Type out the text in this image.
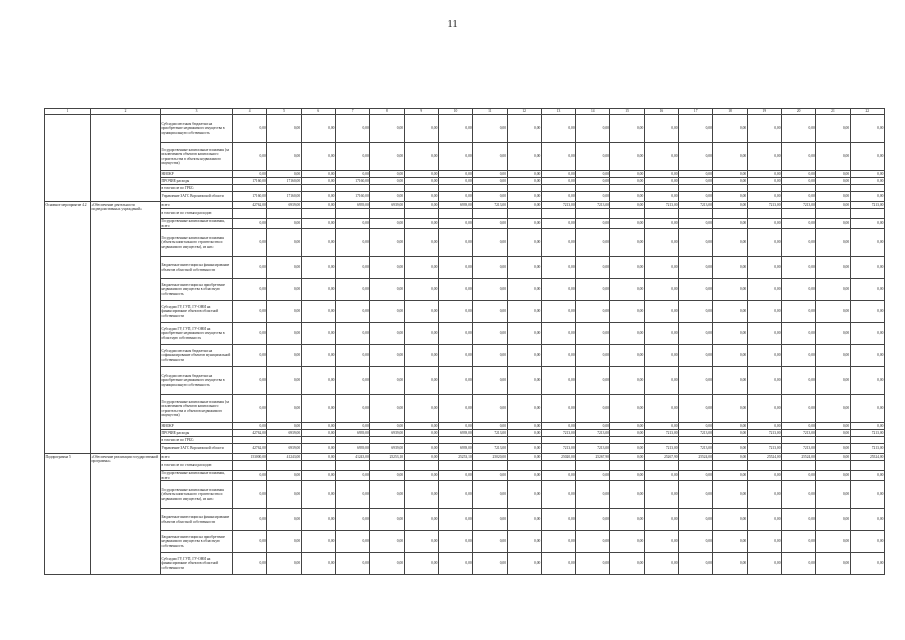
11
1	2	3	4	5	6	7	8	9	10	11	12	13	14	15	16	17	18	19	20	21	22
		Субсидии местным бюджетам на приобретение недвижимого имущества в муниципальную собственность	0,00	0,00	0,00	0,00	0,00	0,00	0,00	0,00	0,00	0,00	0,00	0,00	0,00	0,00	0,00	0,00	0,00	0,00	0,00
		Государственные капитальные вложения (за исключением объектов капитального строительства в объекты недвижимого имущества)	0,00	0,00	0,00	0,00	0,00	0,00	0,00	0,00	0,00	0,00	0,00	0,00	0,00	0,00	0,00	0,00	0,00	0,00	0,00
		НИОКР	0,00	0,00	0,00	0,00	0,00	0,00	0,00	0,00	0,00	0,00	0,00	0,00	0,00	0,00	0,00	0,00	0,00	0,00	0,00
		ПРОЧИЕ расходы	17160,00	17160,00	0,00	17160,00	0,00	0,00	0,00	0,00	0,00	0,00	0,00	0,00	0,00	0,00	0,00	0,00	0,00	0,00	0,00
		в том числе по ГРБС:																			
		Управление ЗАГС Воронежской области	17160,00	17160,00	0,00	17160,00	0,00	0,00	0,00	0,00	0,00	0,00	0,00	0,00	0,00	0,00	0,00	0,00	0,00	0,00	0,00
Основное мероприятие 4.2	«Обеспечение деятельности подведомственных учреждений»	всего	42762,00	6939,00	0,00	6939,00	6939,00	0,00	6939,00	7213,00	0,00	7213,00	7213,00	0,00	7213,00	7213,00	0,00	7213,00	7213,00	0,00	7213,00
		в том числе по статьям расходов:																			
		Государственные капитальные вложения, всего	0,00	0,00	0,00	0,00	0,00	0,00	0,00	0,00	0,00	0,00	0,00	0,00	0,00	0,00	0,00	0,00	0,00	0,00	0,00
		Государственные капитальные вложения (объекты капитального строительства и недвижимого имущества), из них:	0,00	0,00	0,00	0,00	0,00	0,00	0,00	0,00	0,00	0,00	0,00	0,00	0,00	0,00	0,00	0,00	0,00	0,00	0,00
		Бюджетные инвестиции на финансирование объектов областной собственности	0,00	0,00	0,00	0,00	0,00	0,00	0,00	0,00	0,00	0,00	0,00	0,00	0,00	0,00	0,00	0,00	0,00	0,00	0,00
		Бюджетные инвестиции на приобретение недвижимого имущества в областную собственность	0,00	0,00	0,00	0,00	0,00	0,00	0,00	0,00	0,00	0,00	0,00	0,00	0,00	0,00	0,00	0,00	0,00	0,00	0,00
		Субсидии ГУ, ГУП, ГУ-ОНИ на финансирование объектов областной собственности	0,00	0,00	0,00	0,00	0,00	0,00	0,00	0,00	0,00	0,00	0,00	0,00	0,00	0,00	0,00	0,00	0,00	0,00	0,00
		Субсидии ГУ, ГУП, ГУ-ОНИ на приобретение недвижимого имущества в областную собственность	0,00	0,00	0,00	0,00	0,00	0,00	0,00	0,00	0,00	0,00	0,00	0,00	0,00	0,00	0,00	0,00	0,00	0,00	0,00
		Субсидии местным бюджетам на софинансирование объектов муниципальной собственности	0,00	0,00	0,00	0,00	0,00	0,00	0,00	0,00	0,00	0,00	0,00	0,00	0,00	0,00	0,00	0,00	0,00	0,00	0,00
		Субсидии местным бюджетам на приобретение недвижимого имущества в муниципальную собственность	0,00	0,00	0,00	0,00	0,00	0,00	0,00	0,00	0,00	0,00	0,00	0,00	0,00	0,00	0,00	0,00	0,00	0,00	0,00
		Государственные капитальные вложения (за исключением объектов капитального строительства и объектов недвижимого имущества)	0,00	0,00	0,00	0,00	0,00	0,00	0,00	0,00	0,00	0,00	0,00	0,00	0,00	0,00	0,00	0,00	0,00	0,00	0,00
		НИОКР	0,00	0,00	0,00	0,00	0,00	0,00	0,00	0,00	0,00	0,00	0,00	0,00	0,00	0,00	0,00	0,00	0,00	0,00	0,00
		ПРОЧИЕ расходы	42762,00	6939,00	0,00	6939,00	6939,00	0,00	6939,00	7213,00	0,00	7213,00	7213,00	0,00	7213,00	7213,00	0,00	7213,00	7213,00	0,00	7213,00
		в том числе по ГРБС:																			
		Управление ЗАГС Воронежской области	42762,00	6939,00	0,00	6939,00	6939,00	0,00	6939,00	7213,00	0,00	7213,00	7213,00	0,00	7213,00	7213,00	0,00	7213,00	7213,00	0,00	7213,00
Подпрограмма 5	«Обеспечение реализации государственной программы»	всего	153000,00	41243,00	0,00	41243,00	25253,10	0,00	25253,10	25020,00	0,00	25020,00	25267,90	0,00	25267,90	25524,00	0,00	25524,00	25524,00	0,00	25524,00
		в том числе по статьям расходов:																			
		Государственные капитальные вложения, всего	0,00	0,00	0,00	0,00	0,00	0,00	0,00	0,00	0,00	0,00	0,00	0,00	0,00	0,00	0,00	0,00	0,00	0,00	0,00
		Государственные капитальные вложения (объекты капитального строительства и недвижимого имущества), из них:	0,00	0,00	0,00	0,00	0,00	0,00	0,00	0,00	0,00	0,00	0,00	0,00	0,00	0,00	0,00	0,00	0,00	0,00	0,00
		Бюджетные инвестиции на финансирование объектов областной собственности	0,00	0,00	0,00	0,00	0,00	0,00	0,00	0,00	0,00	0,00	0,00	0,00	0,00	0,00	0,00	0,00	0,00	0,00	0,00
		Бюджетные инвестиции на приобретение недвижимого имущества в областную собственность	0,00	0,00	0,00	0,00	0,00	0,00	0,00	0,00	0,00	0,00	0,00	0,00	0,00	0,00	0,00	0,00	0,00	0,00	0,00
		Субсидии ГУ, ГУП, ГУ-ОНИ на финансирование объектов областной собственности	0,00	0,00	0,00	0,00	0,00	0,00	0,00	0,00	0,00	0,00	0,00	0,00	0,00	0,00	0,00	0,00	0,00	0,00	0,00
